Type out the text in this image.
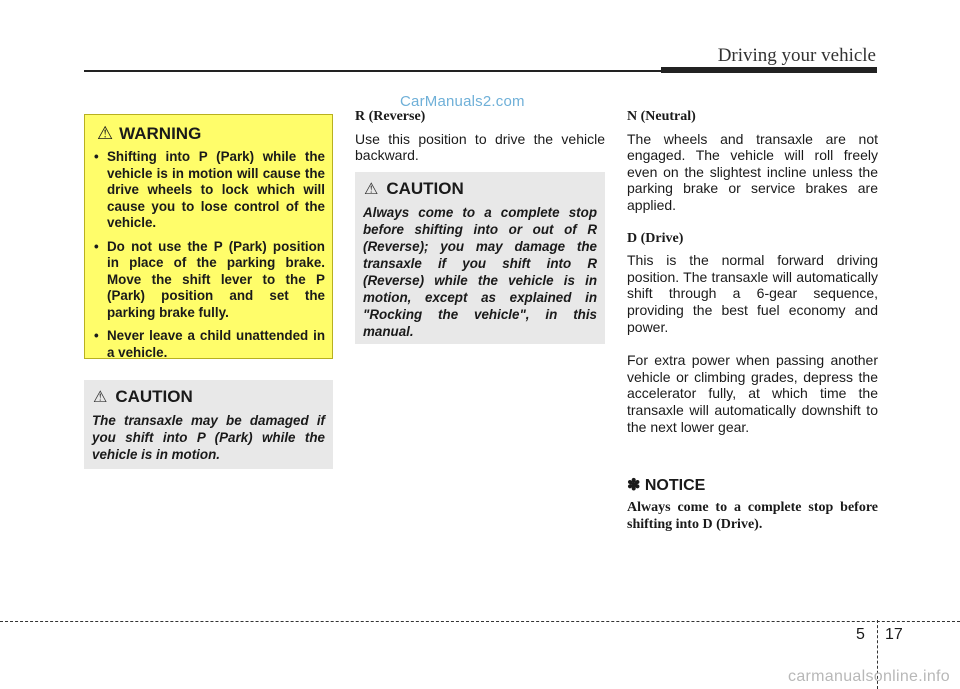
Driving your vehicle
CarManuals2.com
⚠ WARNING
• Shifting into P (Park) while the vehicle is in motion will cause the drive wheels to lock which will cause you to lose control of the vehicle.
• Do not use the P (Park) position in place of the parking brake. Move the shift lever to the P (Park) position and set the parking brake fully.
• Never leave a child unattended in a vehicle.
⚠ CAUTION
The transaxle may be damaged if you shift into P (Park) while the vehicle is in motion.
R (Reverse)

Use this position to drive the vehicle backward.

⚠ CAUTION
Always come to a complete stop before shifting into or out of R (Reverse); you may damage the transaxle if you shift into R (Reverse) while the vehicle is in motion, except as explained in "Rocking the vehicle", in this manual.
N (Neutral)

The wheels and transaxle are not engaged. The vehicle will roll freely even on the slightest incline unless the parking brake or service brakes are applied.

D (Drive)

This is the normal forward driving position. The transaxle will automatically shift through a 6-gear sequence, providing the best fuel economy and power.

For extra power when passing another vehicle or climbing grades, depress the accelerator fully, at which time the transaxle will automatically downshift to the next lower gear.

✽ NOTICE
Always come to a complete stop before shifting into D (Drive).
5 17
carmanualsonline.info
